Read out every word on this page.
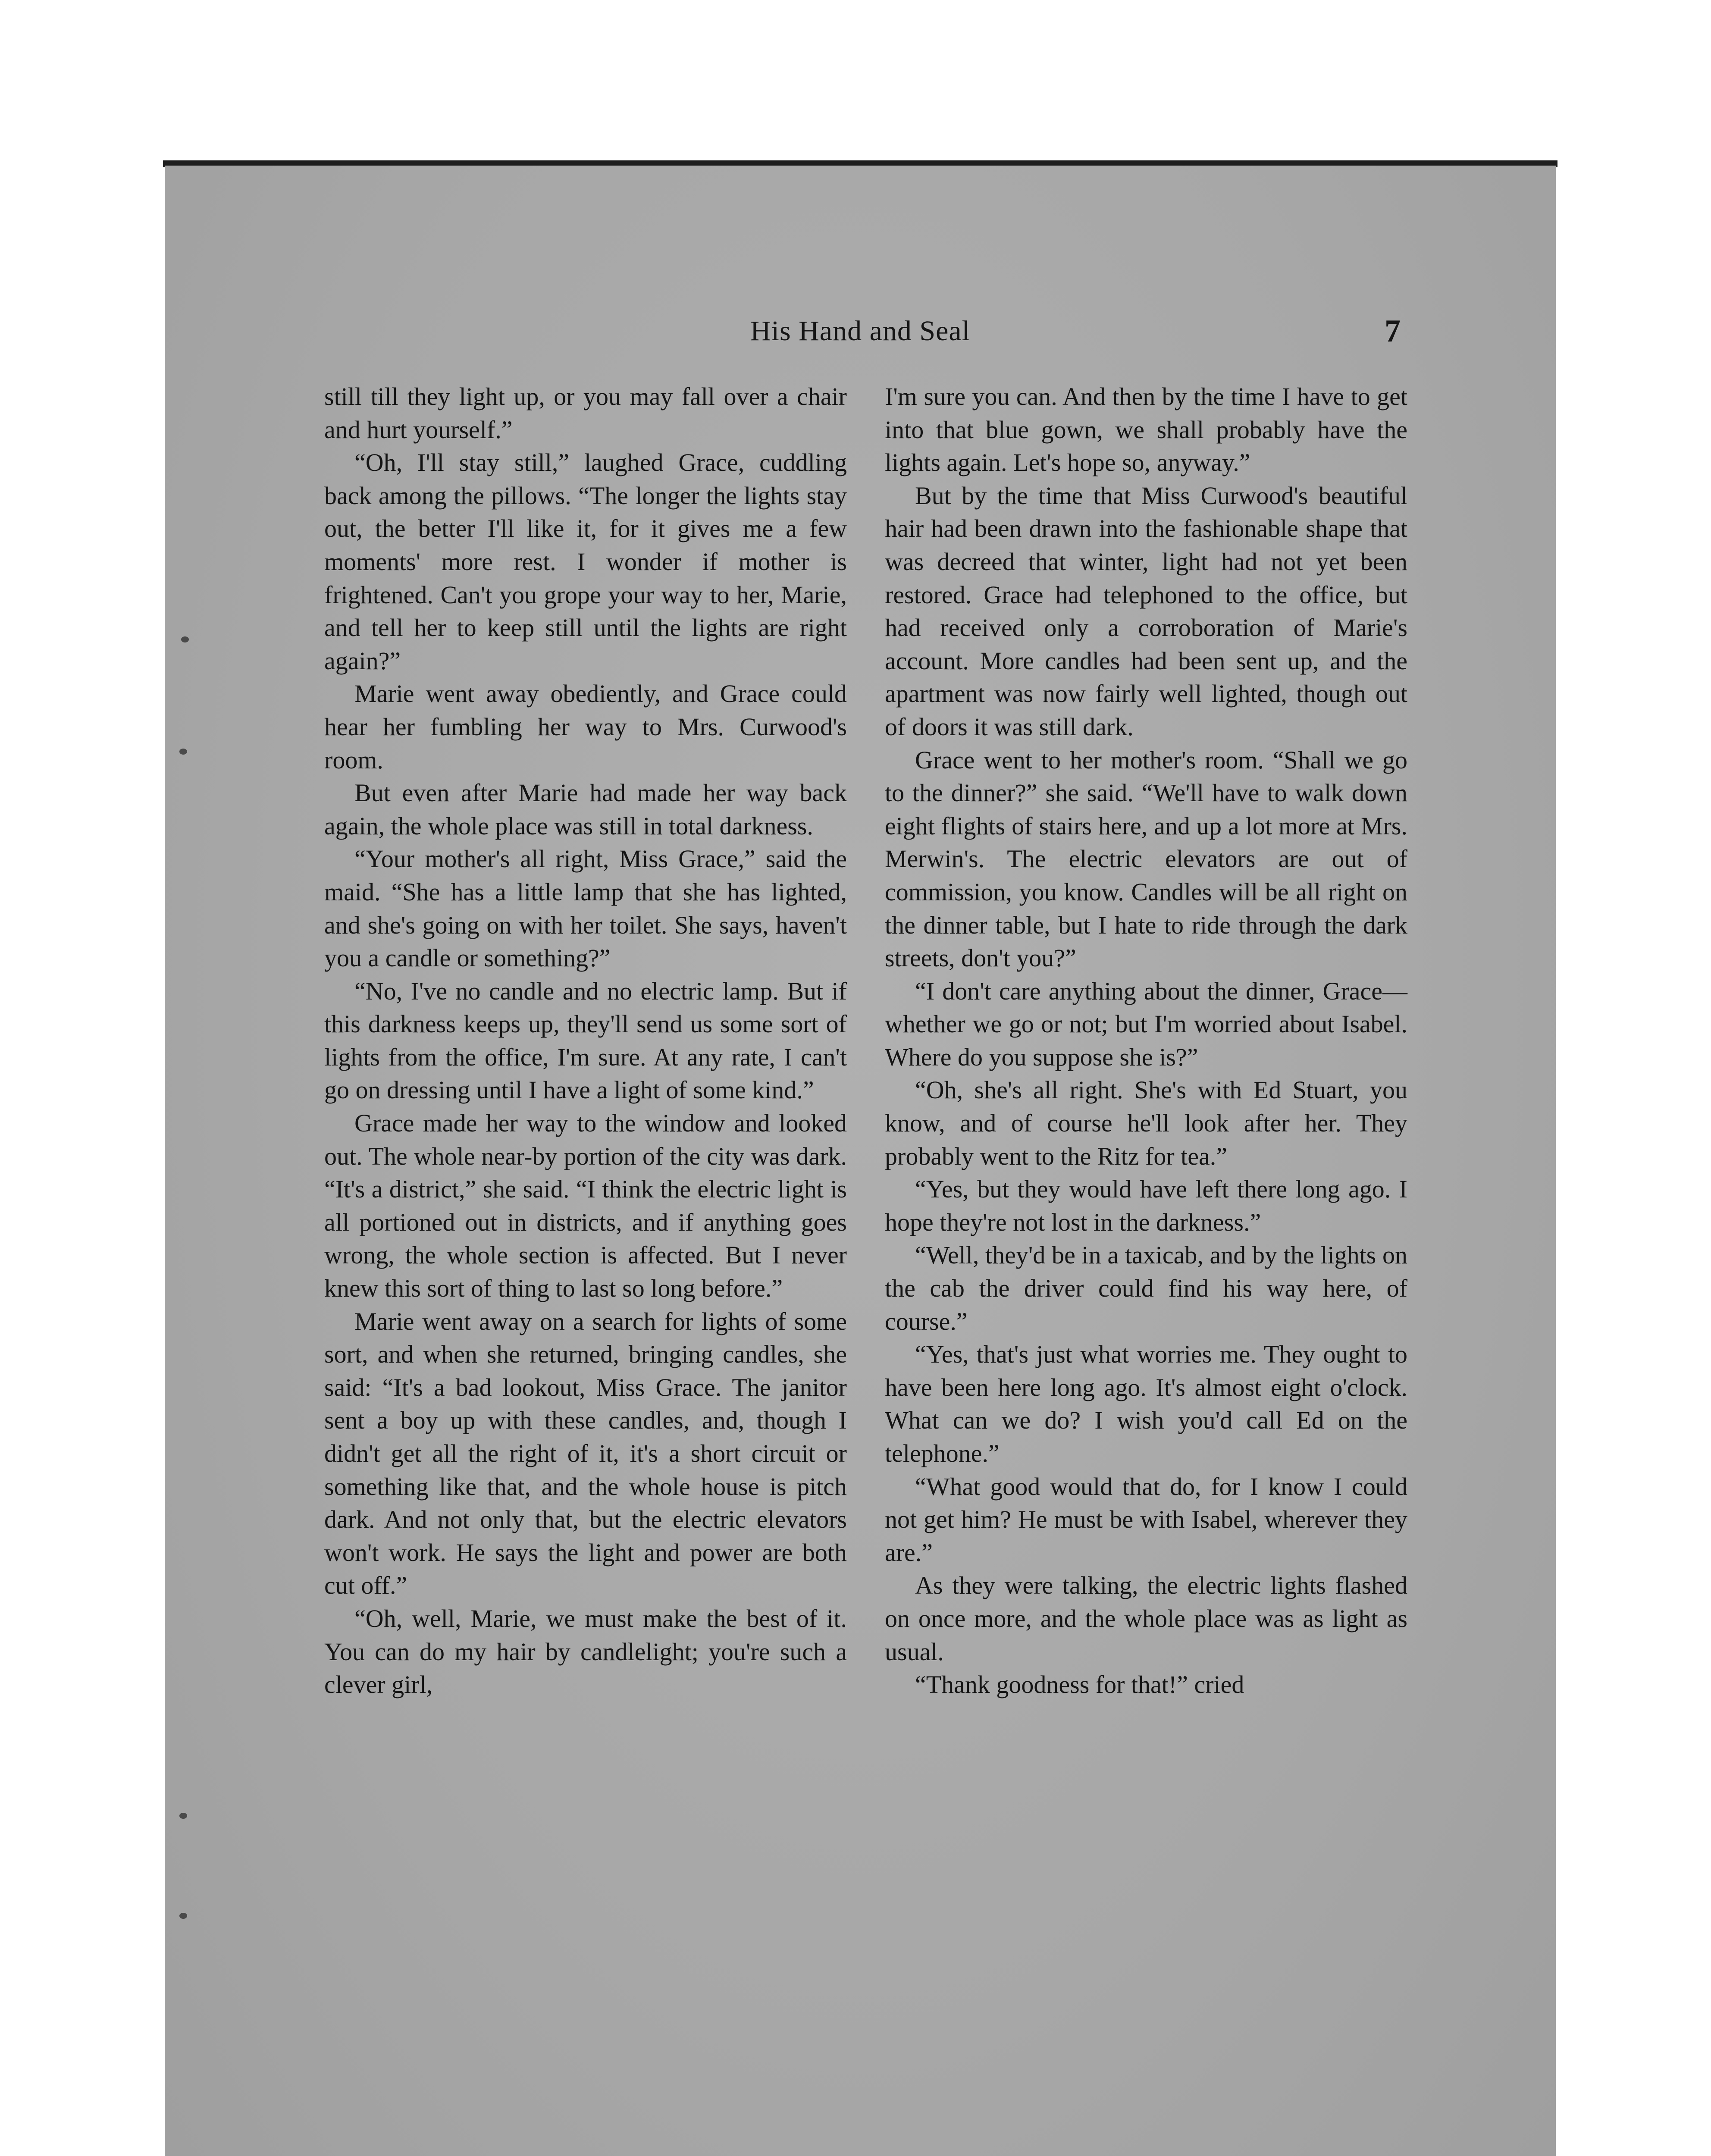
His Hand and Seal	7

still till they light up, or you may fall over a chair and hurt yourself.”

“Oh, I'll stay still,” laughed Grace, cuddling back among the pillows. “The longer the lights stay out, the better I'll like it, for it gives me a few moments' more rest. I wonder if mother is frightened. Can't you grope your way to her, Marie, and tell her to keep still until the lights are right again?”

Marie went away obediently, and Grace could hear her fumbling her way to Mrs. Curwood's room.

But even after Marie had made her way back again, the whole place was still in total darkness.

“Your mother's all right, Miss Grace,” said the maid. “She has a little lamp that she has lighted, and she's going on with her toilet. She says, haven't you a candle or something?”

“No, I've no candle and no electric lamp. But if this darkness keeps up, they'll send us some sort of lights from the office, I'm sure. At any rate, I can't go on dressing until I have a light of some kind.”

Grace made her way to the window and looked out. The whole near-by portion of the city was dark. “It's a district,” she said. “I think the electric light is all portioned out in districts, and if anything goes wrong, the whole section is affected. But I never knew this sort of thing to last so long before.”

Marie went away on a search for lights of some sort, and when she returned, bringing candles, she said: “It's a bad lookout, Miss Grace. The janitor sent a boy up with these candles, and, though I didn't get all the right of it, it's a short circuit or something like that, and the whole house is pitch dark. And not only that, but the electric elevators won't work. He says the light and power are both cut off.”

“Oh, well, Marie, we must make the best of it. You can do my hair by candlelight; you're such a clever girl,

I'm sure you can. And then by the time I have to get into that blue gown, we shall probably have the lights again. Let's hope so, anyway.”

But by the time that Miss Curwood's beautiful hair had been drawn into the fashionable shape that was decreed that winter, light had not yet been restored. Grace had telephoned to the office, but had received only a corroboration of Marie's account. More candles had been sent up, and the apartment was now fairly well lighted, though out of doors it was still dark.

Grace went to her mother's room. “Shall we go to the dinner?” she said. “We'll have to walk down eight flights of stairs here, and up a lot more at Mrs. Merwin's. The electric elevators are out of commission, you know. Candles will be all right on the dinner table, but I hate to ride through the dark streets, don't you?”

“I don't care anything about the dinner, Grace—whether we go or not; but I'm worried about Isabel. Where do you suppose she is?”

“Oh, she's all right. She's with Ed Stuart, you know, and of course he'll look after her. They probably went to the Ritz for tea.”

“Yes, but they would have left there long ago. I hope they're not lost in the darkness.”

“Well, they'd be in a taxicab, and by the lights on the cab the driver could find his way here, of course.”

“Yes, that's just what worries me. They ought to have been here long ago. It's almost eight o'clock. What can we do? I wish you'd call Ed on the telephone.”

“What good would that do, for I know I could not get him? He must be with Isabel, wherever they are.”

As they were talking, the electric lights flashed on once more, and the whole place was as light as usual.

“Thank goodness for that!” cried
